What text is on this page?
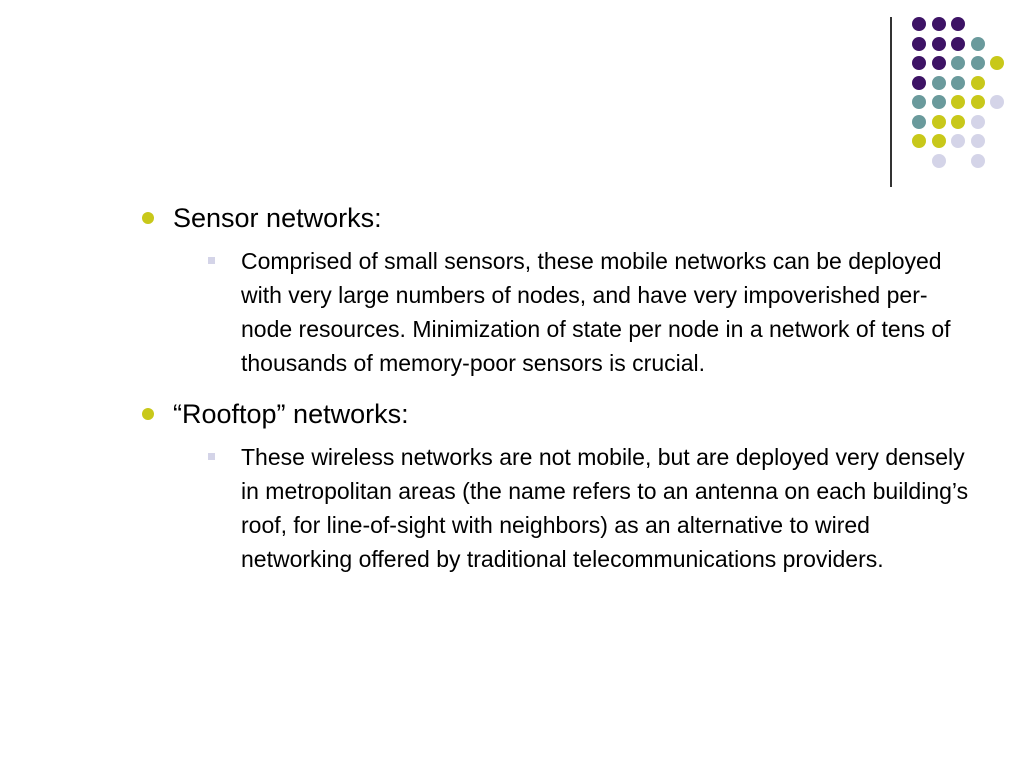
Sensor networks:
Comprised of small sensors, these mobile networks can be deployed with very large numbers of nodes, and have very impoverished per-node resources. Minimization of state per node in a network of tens of thousands of memory-poor sensors is crucial.
“Rooftop” networks:
These wireless networks are not mobile, but are deployed very densely in metropolitan areas (the name refers to an antenna on each building’s roof, for line-of-sight with neighbors) as an alternative to wired networking offered by traditional telecommunications providers.
